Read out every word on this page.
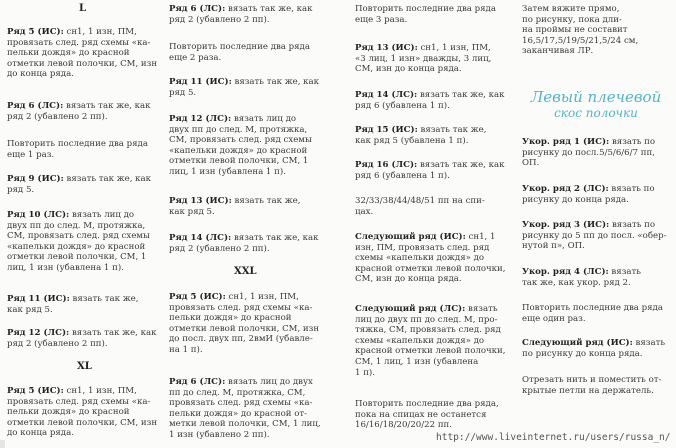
L

Ряд 5 (ИС): сн1, 1 изн, ПМ,
провязать след. ряд схемы «ка-
пельки дождя» до красной
отметки левой полочки, СМ, изн
до конца ряда.

Ряд 6 (ЛС): вязать так же, как
ряд 2 (убавлено 2 пп).

Повторить последние два ряда
еще 1 раз.

Ряд 9 (ИС): вязать так же, как
ряд 5.

Ряд 10 (ЛС): вязать лиц до
двух пп до след. М, протяжка,
СМ, провязать след. ряд схемы
«капельки дождя» до красной
отметки левой полочки, СМ, 1
лиц, 1 изн (убавлена 1 п).

Ряд 11 (ИС): вязать так же,
как ряд 5.

Ряд 12 (ЛС): вязать так же, как
ряд 2 (убавлено 2 пп).

XL

Ряд 5 (ИС): сн1, 1 изн, ПМ,
провязать след. ряд схемы «ка-
пельки дождя» до красной
отметки левой полочки, СМ, изн
до конца ряда.

Ряд 6 (ЛС): вязать так же, как
ряд 2 (убавлено 2 пп).

Повторить последние два ряда
еще 2 раза.

Ряд 11 (ИС): вязать так же, как
ряд 5.

Ряд 12 (ЛС): вязать лиц до
двух пп до след. М, протяжка,
СМ, провязать след. ряд схемы
«капельки дождя» до красной
отметки левой полочки, СМ, 1
лиц, 1 изн (убавлена 1 п).

Ряд 13 (ИС): вязать так же,
как ряд 5.

Ряд 14 (ЛС): вязать так же, как
ряд 2 (убавлено 2 пп).

XXL

Ряд 5 (ИС): сн1, 1 изн, ПМ,
провязать след. ряд схемы «ка-
пельки дождя» до красной
отметки левой полочки, СМ, изн
до посл. двух пп, 2вмИ (убавле-
на 1 п).

Ряд 6 (ЛС): вязать лиц до двух
пп до след. М, протяжка, СМ,
провязать след. ряд схемы «ка-
пельки дождя» до красной от-
метки левой полочки, СМ, 1 лиц,
1 изн (убавлено 2 пп).

Повторить последние два ряда
еще 3 раза.

Ряд 13 (ИС): сн1, 1 изн, ПМ,
«3 лиц, 1 изн» дважды, 3 лиц,
СМ, изн до конца ряда.

Ряд 14 (ЛС): вязать так же, как
ряд 6 (убавлена 1 п).

Ряд 15 (ИС): вязать так же,
как ряд 5 (убавлена 1 п).

Ряд 16 (ЛС): вязать так же, как
ряд 6 (убавлена 1 п).

32/33/38/44/48/51 пп на спи-
цах.

Следующий ряд (ИС): сн1, 1
изн, ПМ, провязать след. ряд
схемы «капельки дождя» до
красной отметки левой полочки,
СМ, изн до конца ряда.

Следующий ряд (ЛС): вязать
лиц до двух пп до след. М, про-
тяжка, СМ, провязать след. ряд
схемы «капельки дождя» до
красной отметки левой полочки,
СМ, 1 лиц, 1 изн (убавлена
1 п).

Повторить последние два ряда,
пока на спицах не останется
16/16/18/20/20/22 пп.

Затем вяжите прямо,
по рисунку, пока дли-
на проймы не составит
16,5/17,5/19/5/21,5/24 см,
заканчивая ЛР.

Левый плечевой
скос полочки

Укор. ряд 1 (ИС): вязать по
рисунку до посл.5/5/6/6/7 пп,
ОП.

Укор. ряд 2 (ЛС): вязать по
рисунку до конца ряда.

Укор. ряд 3 (ИС): вязать по
рисунку до 5 пп до посл. «обер-
нутой п», ОП.

Укор. ряд 4 (ЛС): вязать
так же, как укор. ряд 2.

Повторить последние два ряда
еще один раз.

Следующий ряд (ИС): вязать
по рисунку до конца ряда.

Отрезать нить и поместить от-
крытые петли на держатель.

http://www.liveinternet.ru/users/russa_n/
